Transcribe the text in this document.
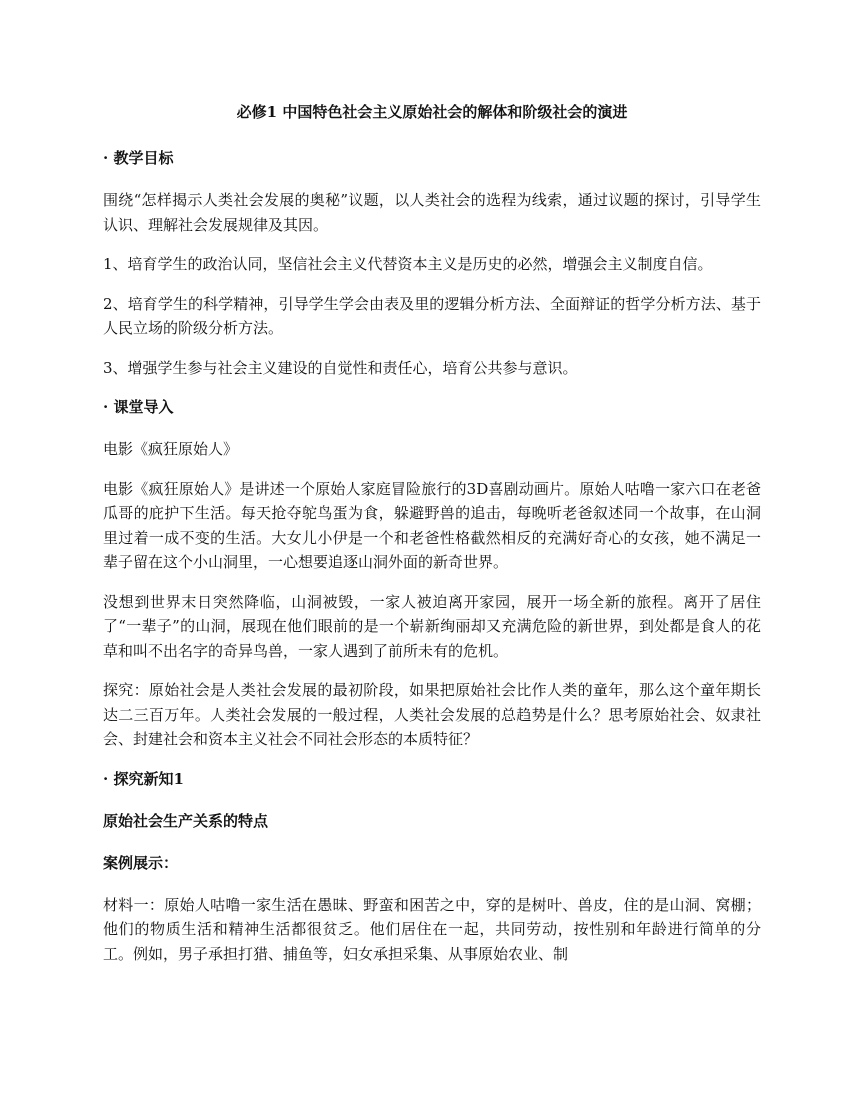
必修1 中国特色社会主义原始社会的解体和阶级社会的演进
· 教学目标

围绕“怎样揭示人类社会发展的奥秘”议题，以人类社会的选程为线索，通过议题的探讨，引导学生认识、理解社会发展规律及其因。

1、培育学生的政治认同，坚信社会主义代替资本主义是历史的必然，增强会主义制度自信。

2、培育学生的科学精神，引导学生学会由表及里的逻辑分析方法、全面辩证的哲学分析方法、基于人民立场的阶级分析方法。

3、增强学生参与社会主义建设的自觉性和责任心，培育公共参与意识。

· 课堂导入

电影《疯狂原始人》

电影《疯狂原始人》是讲述一个原始人家庭冒险旅行的3D喜剧动画片。原始人咕噜一家六口在老爸瓜哥的庇护下生活。每天抢夺鸵鸟蛋为食，躲避野兽的追击，每晚听老爸叙述同一个故事，在山洞里过着一成不变的生活。大女儿小伊是一个和老爸性格截然相反的充满好奇心的女孩，她不满足一辈子留在这个小山洞里，一心想要追逐山洞外面的新奇世界。

没想到世界末日突然降临，山洞被毁，一家人被迫离开家园，展开一场全新的旅程。离开了居住了“一辈子”的山洞，展现在他们眼前的是一个崭新绚丽却又充满危险的新世界，到处都是食人的花草和叫不出名字的奇异鸟兽，一家人遇到了前所未有的危机。

探究：原始社会是人类社会发展的最初阶段，如果把原始社会比作人类的童年，那么这个童年期长达二三百万年。人类社会发展的一般过程，人类社会发展的总趋势是什么？思考原始社会、奴隶社会、封建社会和资本主义社会不同社会形态的本质特征？

· 探究新知1
原始社会生产关系的特点
案例展示：

材料一：原始人咕噜一家生活在愚昧、野蛮和困苦之中，穿的是树叶、兽皮，住的是山洞、窝棚；他们的物质生活和精神生活都很贫乏。他们居住在一起，共同劳动，按性别和年龄进行简单的分工。例如，男子承担打猎、捕鱼等，妇女承担采集、从事原始农业、制
